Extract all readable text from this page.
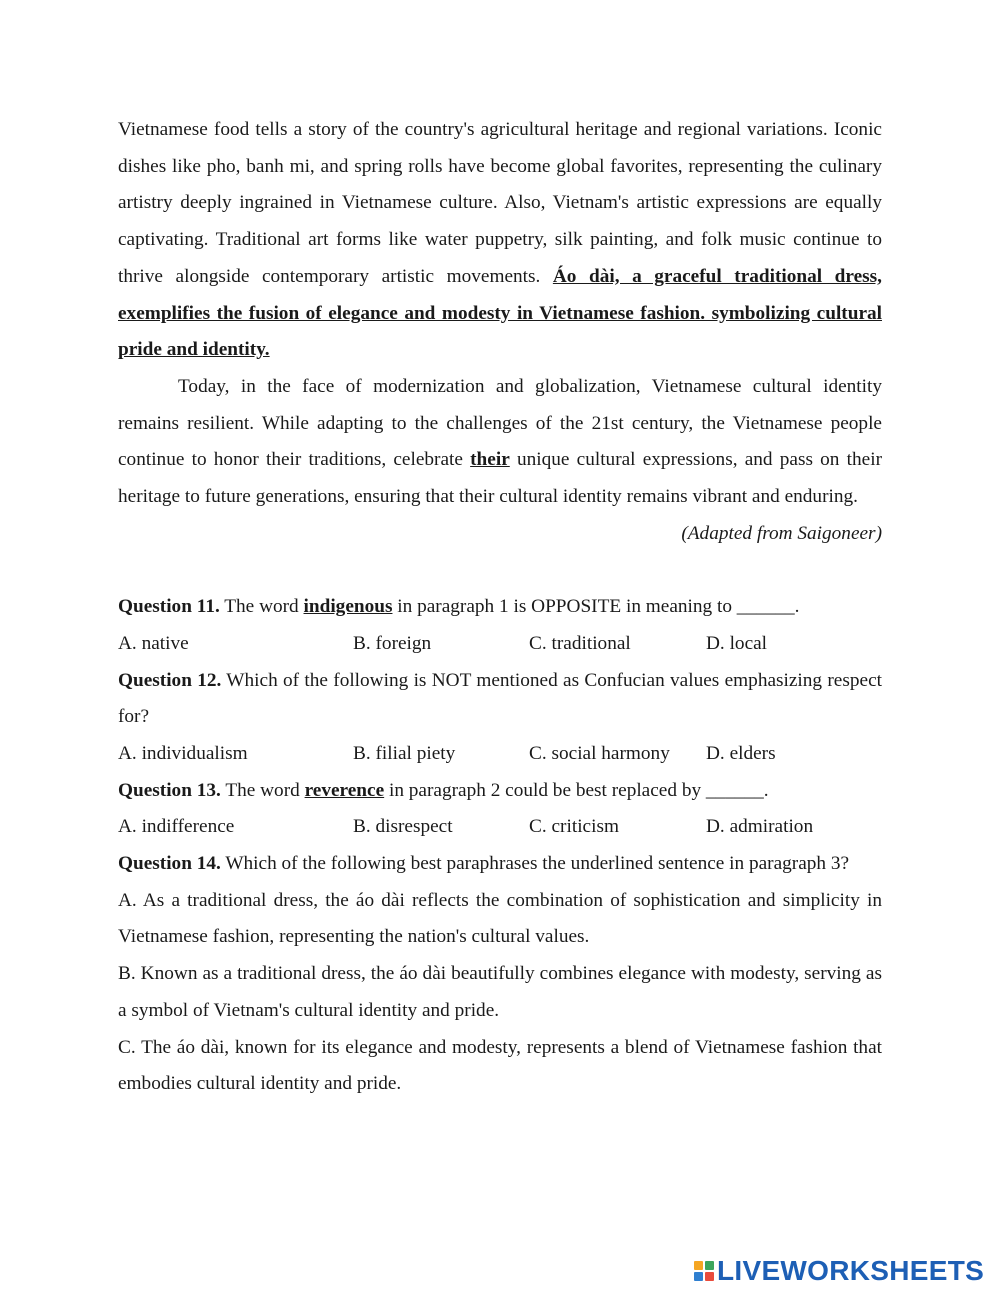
Vietnamese food tells a story of the country's agricultural heritage and regional variations. Iconic dishes like pho, banh mi, and spring rolls have become global favorites, representing the culinary artistry deeply ingrained in Vietnamese culture. Also, Vietnam's artistic expressions are equally captivating. Traditional art forms like water puppetry, silk painting, and folk music continue to thrive alongside contemporary artistic movements. Áo dài, a graceful traditional dress, exemplifies the fusion of elegance and modesty in Vietnamese fashion. symbolizing cultural pride and identity.

Today, in the face of modernization and globalization, Vietnamese cultural identity remains resilient. While adapting to the challenges of the 21st century, the Vietnamese people continue to honor their traditions, celebrate their unique cultural expressions, and pass on their heritage to future generations, ensuring that their cultural identity remains vibrant and enduring.

(Adapted from Saigoneer)

Question 11. The word indigenous in paragraph 1 is OPPOSITE in meaning to ______.

A. native	B. foreign	C. traditional	D. local

Question 12. Which of the following is NOT mentioned as Confucian values emphasizing respect for?

A. individualism	B. filial piety	C. social harmony	D. elders

Question 13. The word reverence in paragraph 2 could be best replaced by ______.

A. indifference	B. disrespect	C. criticism	D. admiration

Question 14. Which of the following best paraphrases the underlined sentence in paragraph 3?

A. As a traditional dress, the áo dài reflects the combination of sophistication and simplicity in Vietnamese fashion, representing the nation's cultural values.

B. Known as a traditional dress, the áo dài beautifully combines elegance with modesty, serving as a symbol of Vietnam's cultural identity and pride.

C. The áo dài, known for its elegance and modesty, represents a blend of Vietnamese fashion that embodies cultural identity and pride.

LIVEWORKSHEETS
